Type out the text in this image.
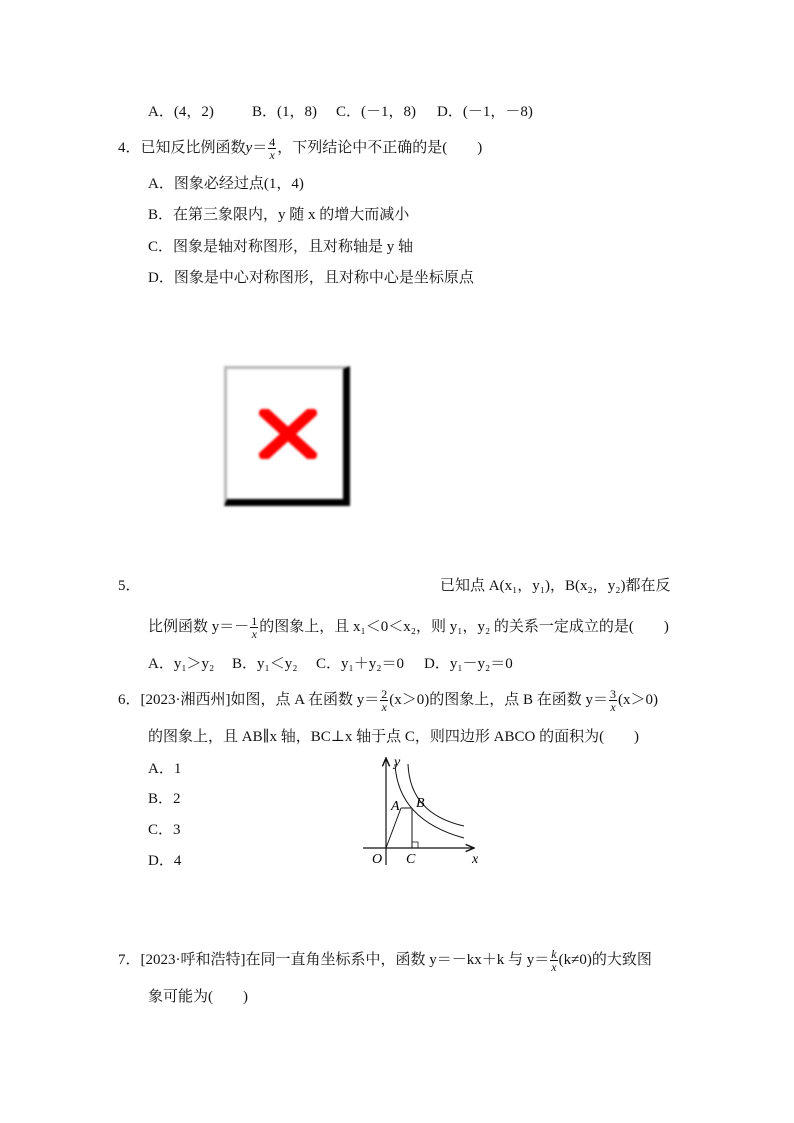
A．(4，2)	B．(1，8) C．(－1，8) D．(－1，－8)
4．已知反比例函数$y= \frac{4}{x}$ ，下列结论中不正确的是(　　)
A．图象必经过点(1，4)
B．在第三象限内，y 随 x 的增大而减小
C．图象是轴对称图形，且对称轴是 y 轴
D．图象是中心对称图形，且对称中心是坐标原点
5．	已知点 A(x₁，y₁)，B(x₂，y₂)都在反
比例函数 $y=- \frac{1}{x}$ 的图象上，且 x₁＜0＜x₂，则 y₁，y₂ 的关系一定成立的是(　　)
A．y₁＞y₂ B．y₁＜y₂ C．y₁＋y₂＝0 D．y₁－y₂＝0
6．[2023·湘西州]如图，点 A 在函数 $y= \frac{2}{x} (x>0)$的图象上，点 B 在函数 $y= \frac{3}{x} (x>0)$
的图象上，且 AB∥x 轴，BC⊥x 轴于点 C，则四边形 ABCO 的面积为(　　)
A．1
B．2
C．3
D．4
y
x
O
A B
C
7．[2023·呼和浩特]在同一直角坐标系中，函数 y＝－kx＋k 与 $y= \frac{k}{x} (k\ne 0)$的大致图
象可能为(　　)
